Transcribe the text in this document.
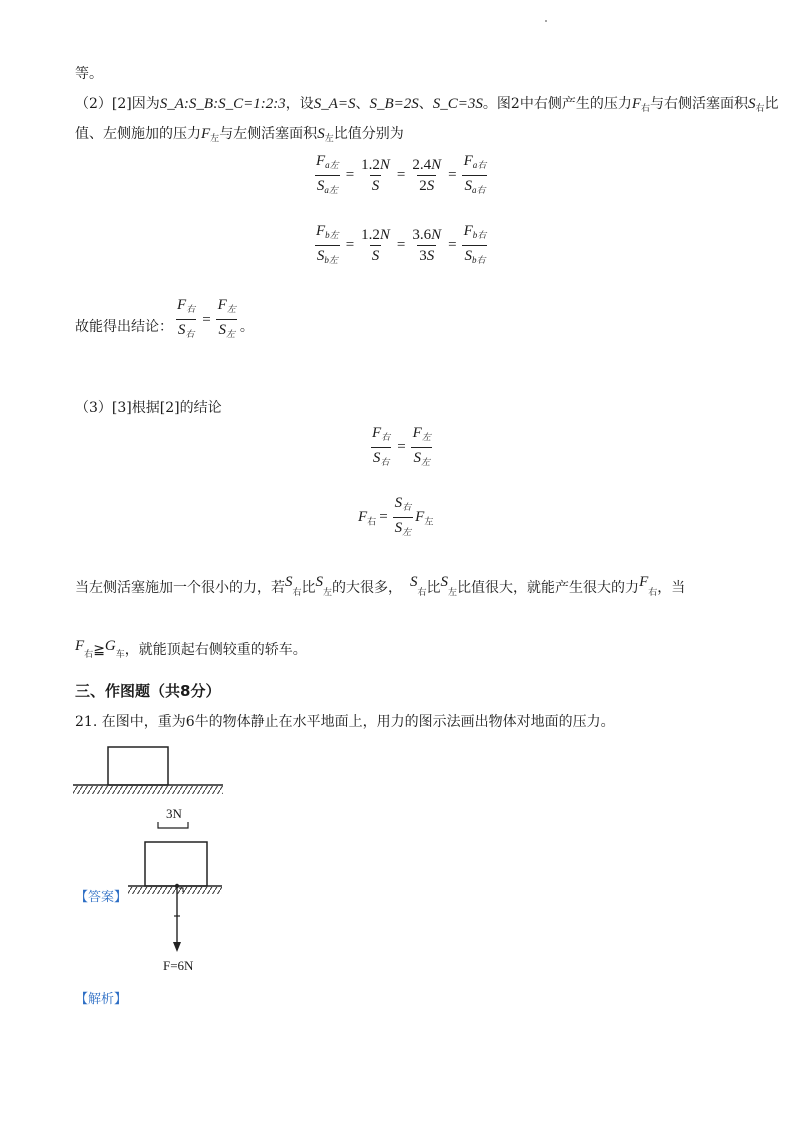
等。
（2）[2]因为S_A:S_B:S_C=1:2:3，设S_A=S、S_B=2S、S_C=3S。图2中右侧产生的压力$F_右$与右侧活塞面积$S_右$比
值、左侧施加的压力$F_左$与左侧活塞面积$S_左$比值分别为
$\frac{F_{a左}}{S_{a左}} = \frac{1.2N}{S} = \frac{2.4N}{2S} = \frac{F_{a右}}{S_{a右}}$
$\frac{F_{b左}}{S_{b左}} = \frac{1.2N}{S} = \frac{3.6N}{3S} = \frac{F_{b右}}{S_{b右}}$
故能得出结论： $\frac{F_右}{S_右} = \frac{F_左}{S_左}$ 。
（3）[3]根据[2]的结论
$\frac{F_右}{S_右} = \frac{F_左}{S_左}$
$F_右 = \frac{S_右}{S_左} F_左$
当左侧活塞施加一个很小的力，若$S_右$比$S_左$的大很多， $S_右$比$S_左$比值很大，就能产生很大的力$F_右$，当
$F_右≧G_车$，就能顶起右侧较重的轿车。
三、作图题（共8分）
21. 在图中，重为6牛的物体静止在水平地面上，用力的图示法画出物体对地面的压力。
【答案】
3N
F=6N
【解析】
